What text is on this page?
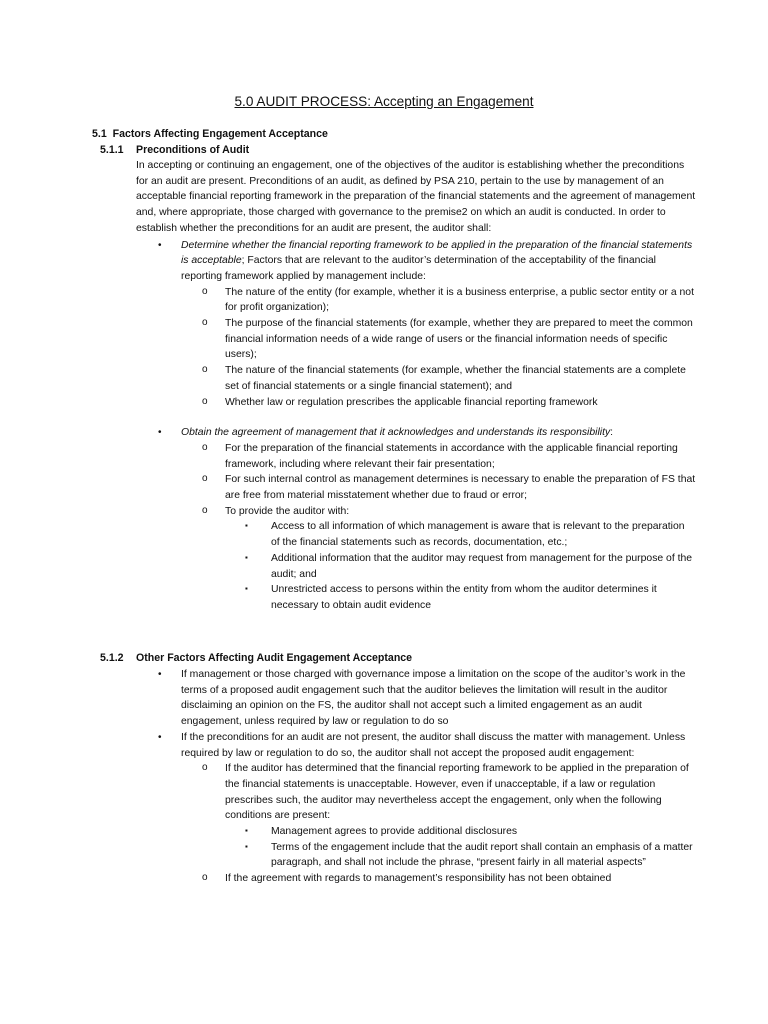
5.0 AUDIT PROCESS: Accepting an Engagement
5.1 Factors Affecting Engagement Acceptance
5.1.1 Preconditions of Audit

In accepting or continuing an engagement, one of the objectives of the auditor is establishing whether the preconditions for an audit are present. Preconditions of an audit, as defined by PSA 210, pertain to the use by management of an acceptable financial reporting framework in the preparation of the financial statements and the agreement of management and, where appropriate, those charged with governance to the premise2 on which an audit is conducted. In order to establish whether the preconditions for an audit are present, the auditor shall:

• Determine whether the financial reporting framework to be applied in the preparation of the financial statements is acceptable; Factors that are relevant to the auditor’s determination of the acceptability of the financial reporting framework applied by management include:
o The nature of the entity (for example, whether it is a business enterprise, a public sector entity or a not for profit organization);
o The purpose of the financial statements (for example, whether they are prepared to meet the common financial information needs of a wide range of users or the financial information needs of specific users);
o The nature of the financial statements (for example, whether the financial statements are a complete set of financial statements or a single financial statement); and
o Whether law or regulation prescribes the applicable financial reporting framework
• Obtain the agreement of management that it acknowledges and understands its responsibility:
o For the preparation of the financial statements in accordance with the applicable financial reporting framework, including where relevant their fair presentation;
o For such internal control as management determines is necessary to enable the preparation of FS that are free from material misstatement whether due to fraud or error;
o To provide the auditor with:
▪ Access to all information of which management is aware that is relevant to the preparation of the financial statements such as records, documentation, etc.;
▪ Additional information that the auditor may request from management for the purpose of the audit; and
▪ Unrestricted access to persons within the entity from whom the auditor determines it necessary to obtain audit evidence
5.1.2 Other Factors Affecting Audit Engagement Acceptance
• If management or those charged with governance impose a limitation on the scope of the auditor’s work in the terms of a proposed audit engagement such that the auditor believes the limitation will result in the auditor disclaiming an opinion on the FS, the auditor shall not accept such a limited engagement as an audit engagement, unless required by law or regulation to do so
• If the preconditions for an audit are not present, the auditor shall discuss the matter with management. Unless required by law or regulation to do so, the auditor shall not accept the proposed audit engagement:
o If the auditor has determined that the financial reporting framework to be applied in the preparation of the financial statements is unacceptable. However, even if unacceptable, if a law or regulation prescribes such, the auditor may nevertheless accept the engagement, only when the following conditions are present:
▪ Management agrees to provide additional disclosures
▪ Terms of the engagement include that the audit report shall contain an emphasis of a matter paragraph, and shall not include the phrase, “present fairly in all material aspects”
o If the agreement with regards to management’s responsibility has not been obtained
